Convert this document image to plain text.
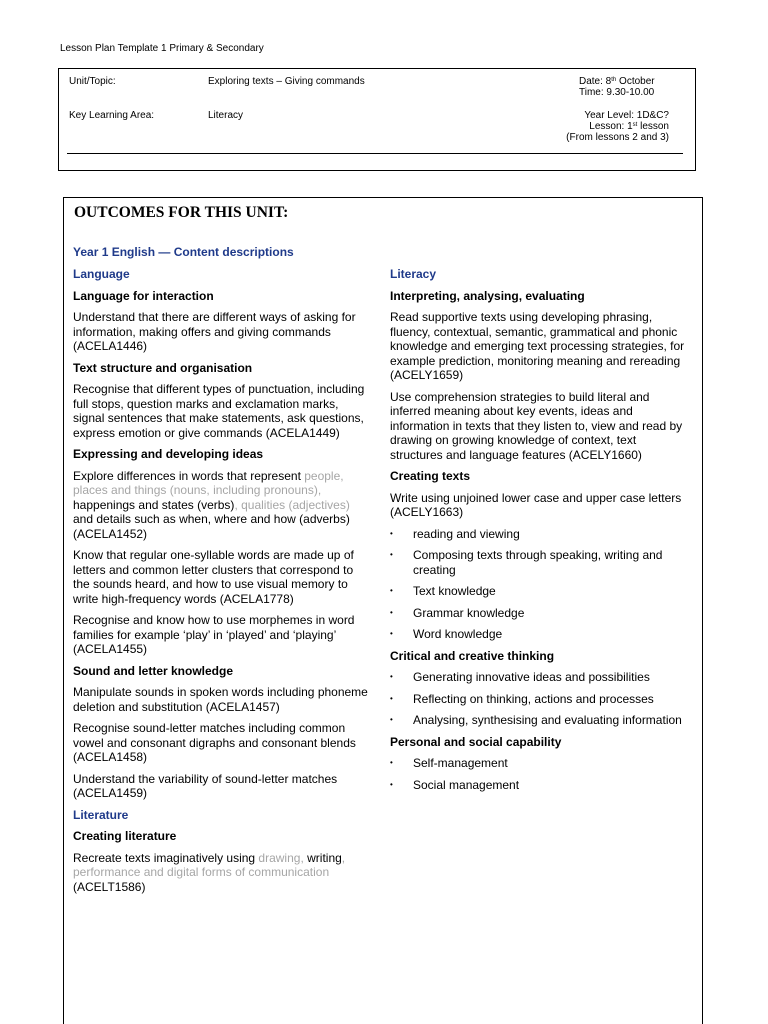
Lesson Plan Template 1 Primary & Secondary
Unit/Topic:	Exploring texts – Giving commands
Key Learning Area:	Literacy
Date: 8th October
Time: 9.30-10.00
Year Level: 1D&C?
Lesson: 1st lesson
(From lessons 2 and 3)
OUTCOMES FOR THIS UNIT:
Year 1 English — Content descriptions
Language
Language for interaction
Understand that there are different ways of asking for information, making offers and giving commands (ACELA1446)
Text structure and organisation
Recognise that different types of punctuation, including full stops, question marks and exclamation marks, signal sentences that make statements, ask questions, express emotion or give commands (ACELA1449)
Expressing and developing ideas
Explore differences in words that represent people, places and things (nouns, including pronouns), happenings and states (verbs), qualities (adjectives) and details such as when, where and how (adverbs) (ACELA1452)
Know that regular one-syllable words are made up of letters and common letter clusters that correspond to the sounds heard, and how to use visual memory to write high-frequency words (ACELA1778)
Recognise and know how to use morphemes in word families for example ‘play’ in ‘played’ and ‘playing’ (ACELA1455)
Sound and letter knowledge
Manipulate sounds in spoken words including phoneme deletion and substitution (ACELA1457)
Recognise sound-letter matches including common vowel and consonant digraphs and consonant blends (ACELA1458)
Understand the variability of sound-letter matches (ACELA1459)
Literature
Creating literature
Recreate texts imaginatively using drawing, writing, performance and digital forms of communication (ACELT1586)
Literacy
Interpreting, analysing, evaluating
Read supportive texts using developing phrasing, fluency, contextual, semantic, grammatical and phonic knowledge and emerging text processing strategies, for example prediction, monitoring meaning and rereading (ACELY1659)
Use comprehension strategies to build literal and inferred meaning about key events, ideas and information in texts that they listen to, view and read by drawing on growing knowledge of context, text structures and language features (ACELY1660)
Creating texts
Write using unjoined lower case and upper case letters (ACELY1663)
• reading and viewing
• Composing texts through speaking, writing and creating
• Text knowledge
• Grammar knowledge
• Word knowledge
Critical and creative thinking
• Generating innovative ideas and possibilities
• Reflecting on thinking, actions and processes
• Analysing, synthesising and evaluating information
Personal and social capability
• Self-management
• Social management
